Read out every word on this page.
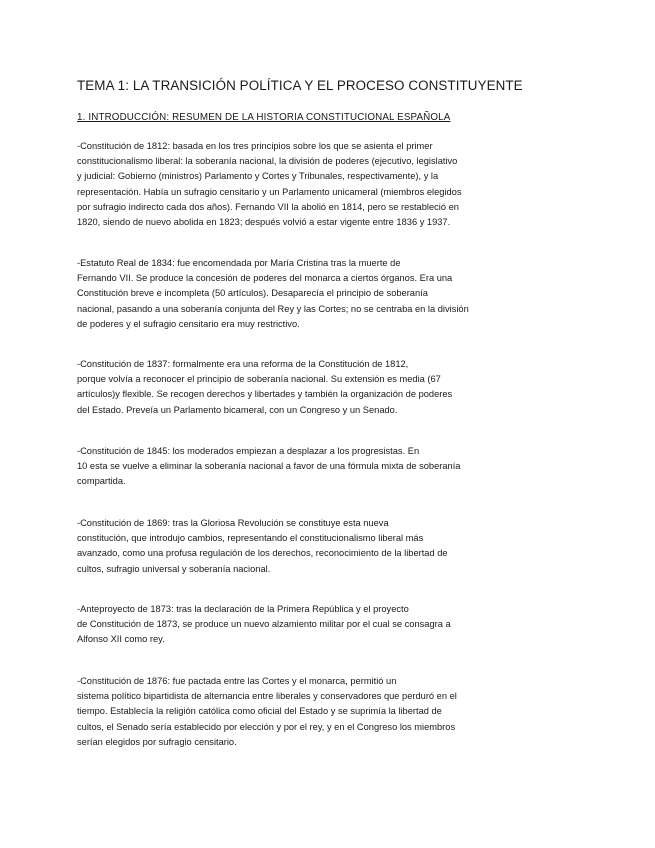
TEMA 1: LA TRANSICIÓN POLÍTICA Y EL PROCESO CONSTITUYENTE
1. INTRODUCCIÓN: RESUMEN DE LA HISTORIA CONSTITUCIONAL ESPAÑOLA
-Constitución de 1812: basada en los tres principios sobre los que se asienta el primer
constitucionalismo liberal: la soberanía nacional, la división de poderes (ejecutivo, legislativo
y judicial: Gobierno (ministros) Parlamento y Cortes y Tribunales, respectivamente), y la
representación. Había un sufragio censitario y un Parlamento unicameral (miembros elegidos
por sufragio indirecto cada dos años). Fernando VII la abolió en 1814, pero se restableció en
1820, siendo de nuevo abolida en 1823; después volvió a estar vigente entre 1836 y 1937.
-Estatuto Real de 1834: fue encomendada por María Cristina tras la muerte de
Fernando VII. Se produce la concesión de poderes del monarca a ciertos órganos. Era una
Constitución breve e incompleta (50 artículos). Desaparecía el principio de soberanía
nacional, pasando a una soberanía conjunta del Rey y las Cortes; no se centraba en la división
de poderes y el sufragio censitario era muy restrictivo.
-Constitución de 1837: formalmente era una reforma de la Constitución de 1812,
porque volvía a reconocer el principio de soberanía nacional. Su extensión es media (67
artículos)y flexible. Se recogen derechos y libertades y también la organización de poderes
del Estado. Preveía un Parlamento bicameral, con un Congreso y un Senado.
-Constitución de 1845: los moderados empiezan a desplazar a los progresistas. En
10 esta se vuelve a eliminar la soberanía nacional a favor de una fórmula mixta de soberanía
compartida.
-Constitución de 1869: tras la Gloriosa Revolución se constituye esta nueva
constitución, que introdujo cambios, representando el constitucionalismo liberal más
avanzado, como una profusa regulación de los derechos, reconocimiento de la libertad de
cultos, sufragio universal y soberanía nacional.
-Anteproyecto de 1873: tras la declaración de la Primera República y el proyecto
de Constitución de 1873, se produce un nuevo alzamiento militar por el cual se consagra a
Alfonso XII como rey.
-Constitución de 1876: fue pactada entre las Cortes y el monarca, permitió un
sistema político bipartidista de alternancia entre liberales y conservadores que perduró en el
tiempo. Establecía la religión católica como oficial del Estado y se suprimía la libertad de
cultos, el Senado sería establecido por elección y por el rey, y en el Congreso los miembros
serían elegidos por sufragio censitario.
